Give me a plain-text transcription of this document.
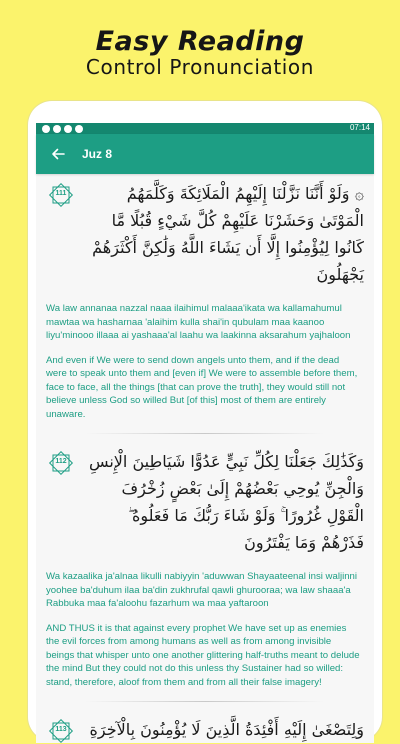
Easy Reading
Control Pronunciation
07:14
Juz 8
111	۞ وَلَوْ أَنَّنَا نَزَّلْنَا إِلَيْهِمُ الْمَلَائِكَةَ وَكَلَّمَهُمُ الْمَوْتَىٰ وَحَشَرْنَا عَلَيْهِمْ كُلَّ شَيْءٍ قُبُلًا مَّا كَانُوا لِيُؤْمِنُوا إِلَّا أَن يَشَاءَ اللَّهُ وَلَٰكِنَّ أَكْثَرَهُمْ يَجْهَلُونَ
Wa law annanaa nazzal naaa ilaihimul malaaa'ikata wa kallamahumul mawtaa wa hasharnaa 'alaihim kulla shai'in qubulam maa kaanoo liyu'minooo illaaa ai yashaaa'al laahu wa laakinna aksarahum yajhaloon
And even if We were to send down angels unto them, and if the dead were to speak unto them and [even if] We were to assemble before them, face to face, all the things [that can prove the truth], they would still not believe unless God so willed But [of this] most of them are entirely unaware.
112	وَكَذَٰلِكَ جَعَلْنَا لِكُلِّ نَبِيٍّ عَدُوًّا شَيَاطِينَ الْإِنسِ وَالْجِنِّ يُوحِي بَعْضُهُمْ إِلَىٰ بَعْضٍ زُخْرُفَ الْقَوْلِ غُرُورًا ۚ وَلَوْ شَاءَ رَبُّكَ مَا فَعَلُوهُ ۖ فَذَرْهُمْ وَمَا يَفْتَرُونَ
Wa kazaalika ja'alnaa likulli nabiyyin 'aduwwan Shayaateenal insi waljinni yoohee ba'duhum ilaa ba'din zukhrufal qawli ghurooraa; wa law shaaa'a Rabbuka maa fa'aloohu fazarhum wa maa yaftaroon
AND THUS it is that against every prophet We have set up as enemies the evil forces from among humans as well as from among invisible beings that whisper unto one another glittering half-truths meant to delude the mind But they could not do this unless thy Sustainer had so willed: stand, therefore, aloof from them and from all their false imagery!
113	وَلِتَصْغَىٰ إِلَيْهِ أَفْئِدَةُ الَّذِينَ لَا يُؤْمِنُونَ بِالْآخِرَةِ
